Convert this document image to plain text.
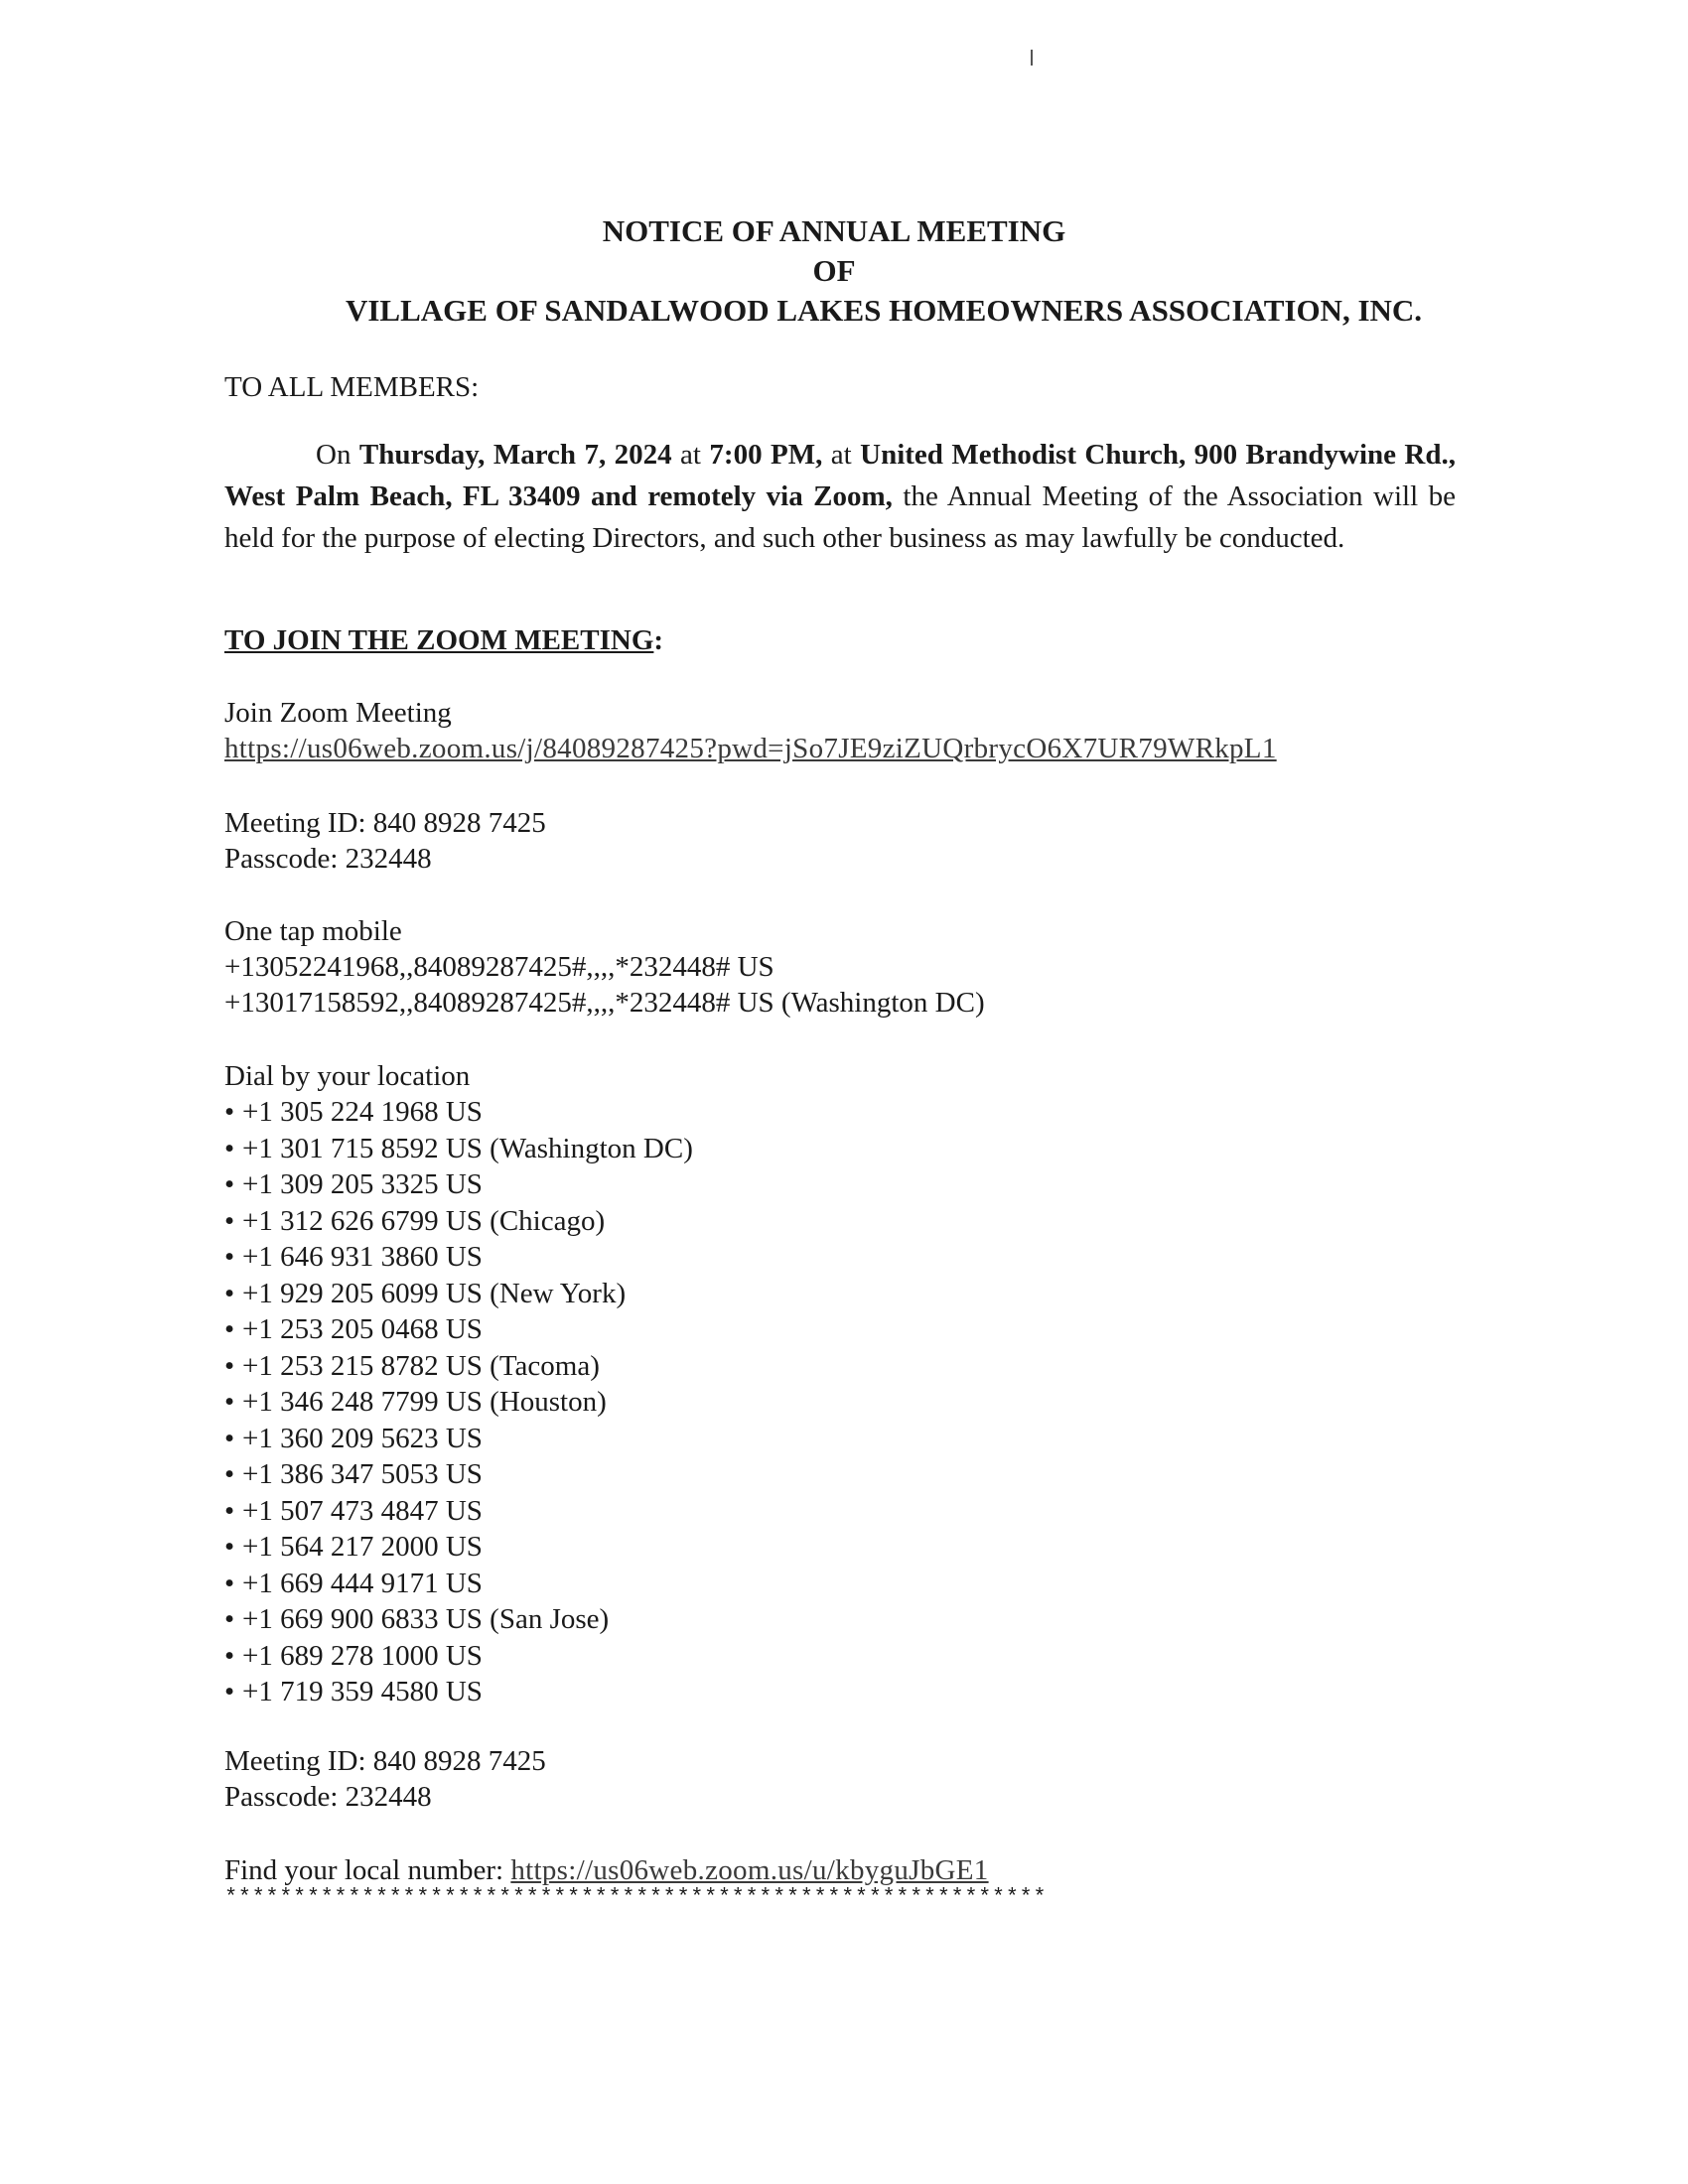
NOTICE OF ANNUAL MEETING
OF
VILLAGE OF SANDALWOOD LAKES HOMEOWNERS ASSOCIATION, INC.
TO ALL MEMBERS:
On Thursday, March 7, 2024 at 7:00 PM, at United Methodist Church, 900 Brandywine Rd., West Palm Beach, FL 33409 and remotely via Zoom, the Annual Meeting of the Association will be held for the purpose of electing Directors, and such other business as may lawfully be conducted.
TO JOIN THE ZOOM MEETING:
Join Zoom Meeting
https://us06web.zoom.us/j/84089287425?pwd=jSo7JE9ziZUQrbrycO6X7UR79WRkpL1
Meeting ID: 840 8928 7425
Passcode: 232448
One tap mobile
+13052241968,,84089287425#,,,,*232448# US
+13017158592,,84089287425#,,,,*232448# US (Washington DC)
Dial by your location
• +1 305 224 1968 US
• +1 301 715 8592 US (Washington DC)
• +1 309 205 3325 US
• +1 312 626 6799 US (Chicago)
• +1 646 931 3860 US
• +1 929 205 6099 US (New York)
• +1 253 205 0468 US
• +1 253 215 8782 US (Tacoma)
• +1 346 248 7799 US (Houston)
• +1 360 209 5623 US
• +1 386 347 5053 US
• +1 507 473 4847 US
• +1 564 217 2000 US
• +1 669 444 9171 US
• +1 669 900 6833 US (San Jose)
• +1 689 278 1000 US
• +1 719 359 4580 US
Meeting ID: 840 8928 7425
Passcode: 232448
Find your local number: https://us06web.zoom.us/u/kbyguJbGE1
************************************************************
